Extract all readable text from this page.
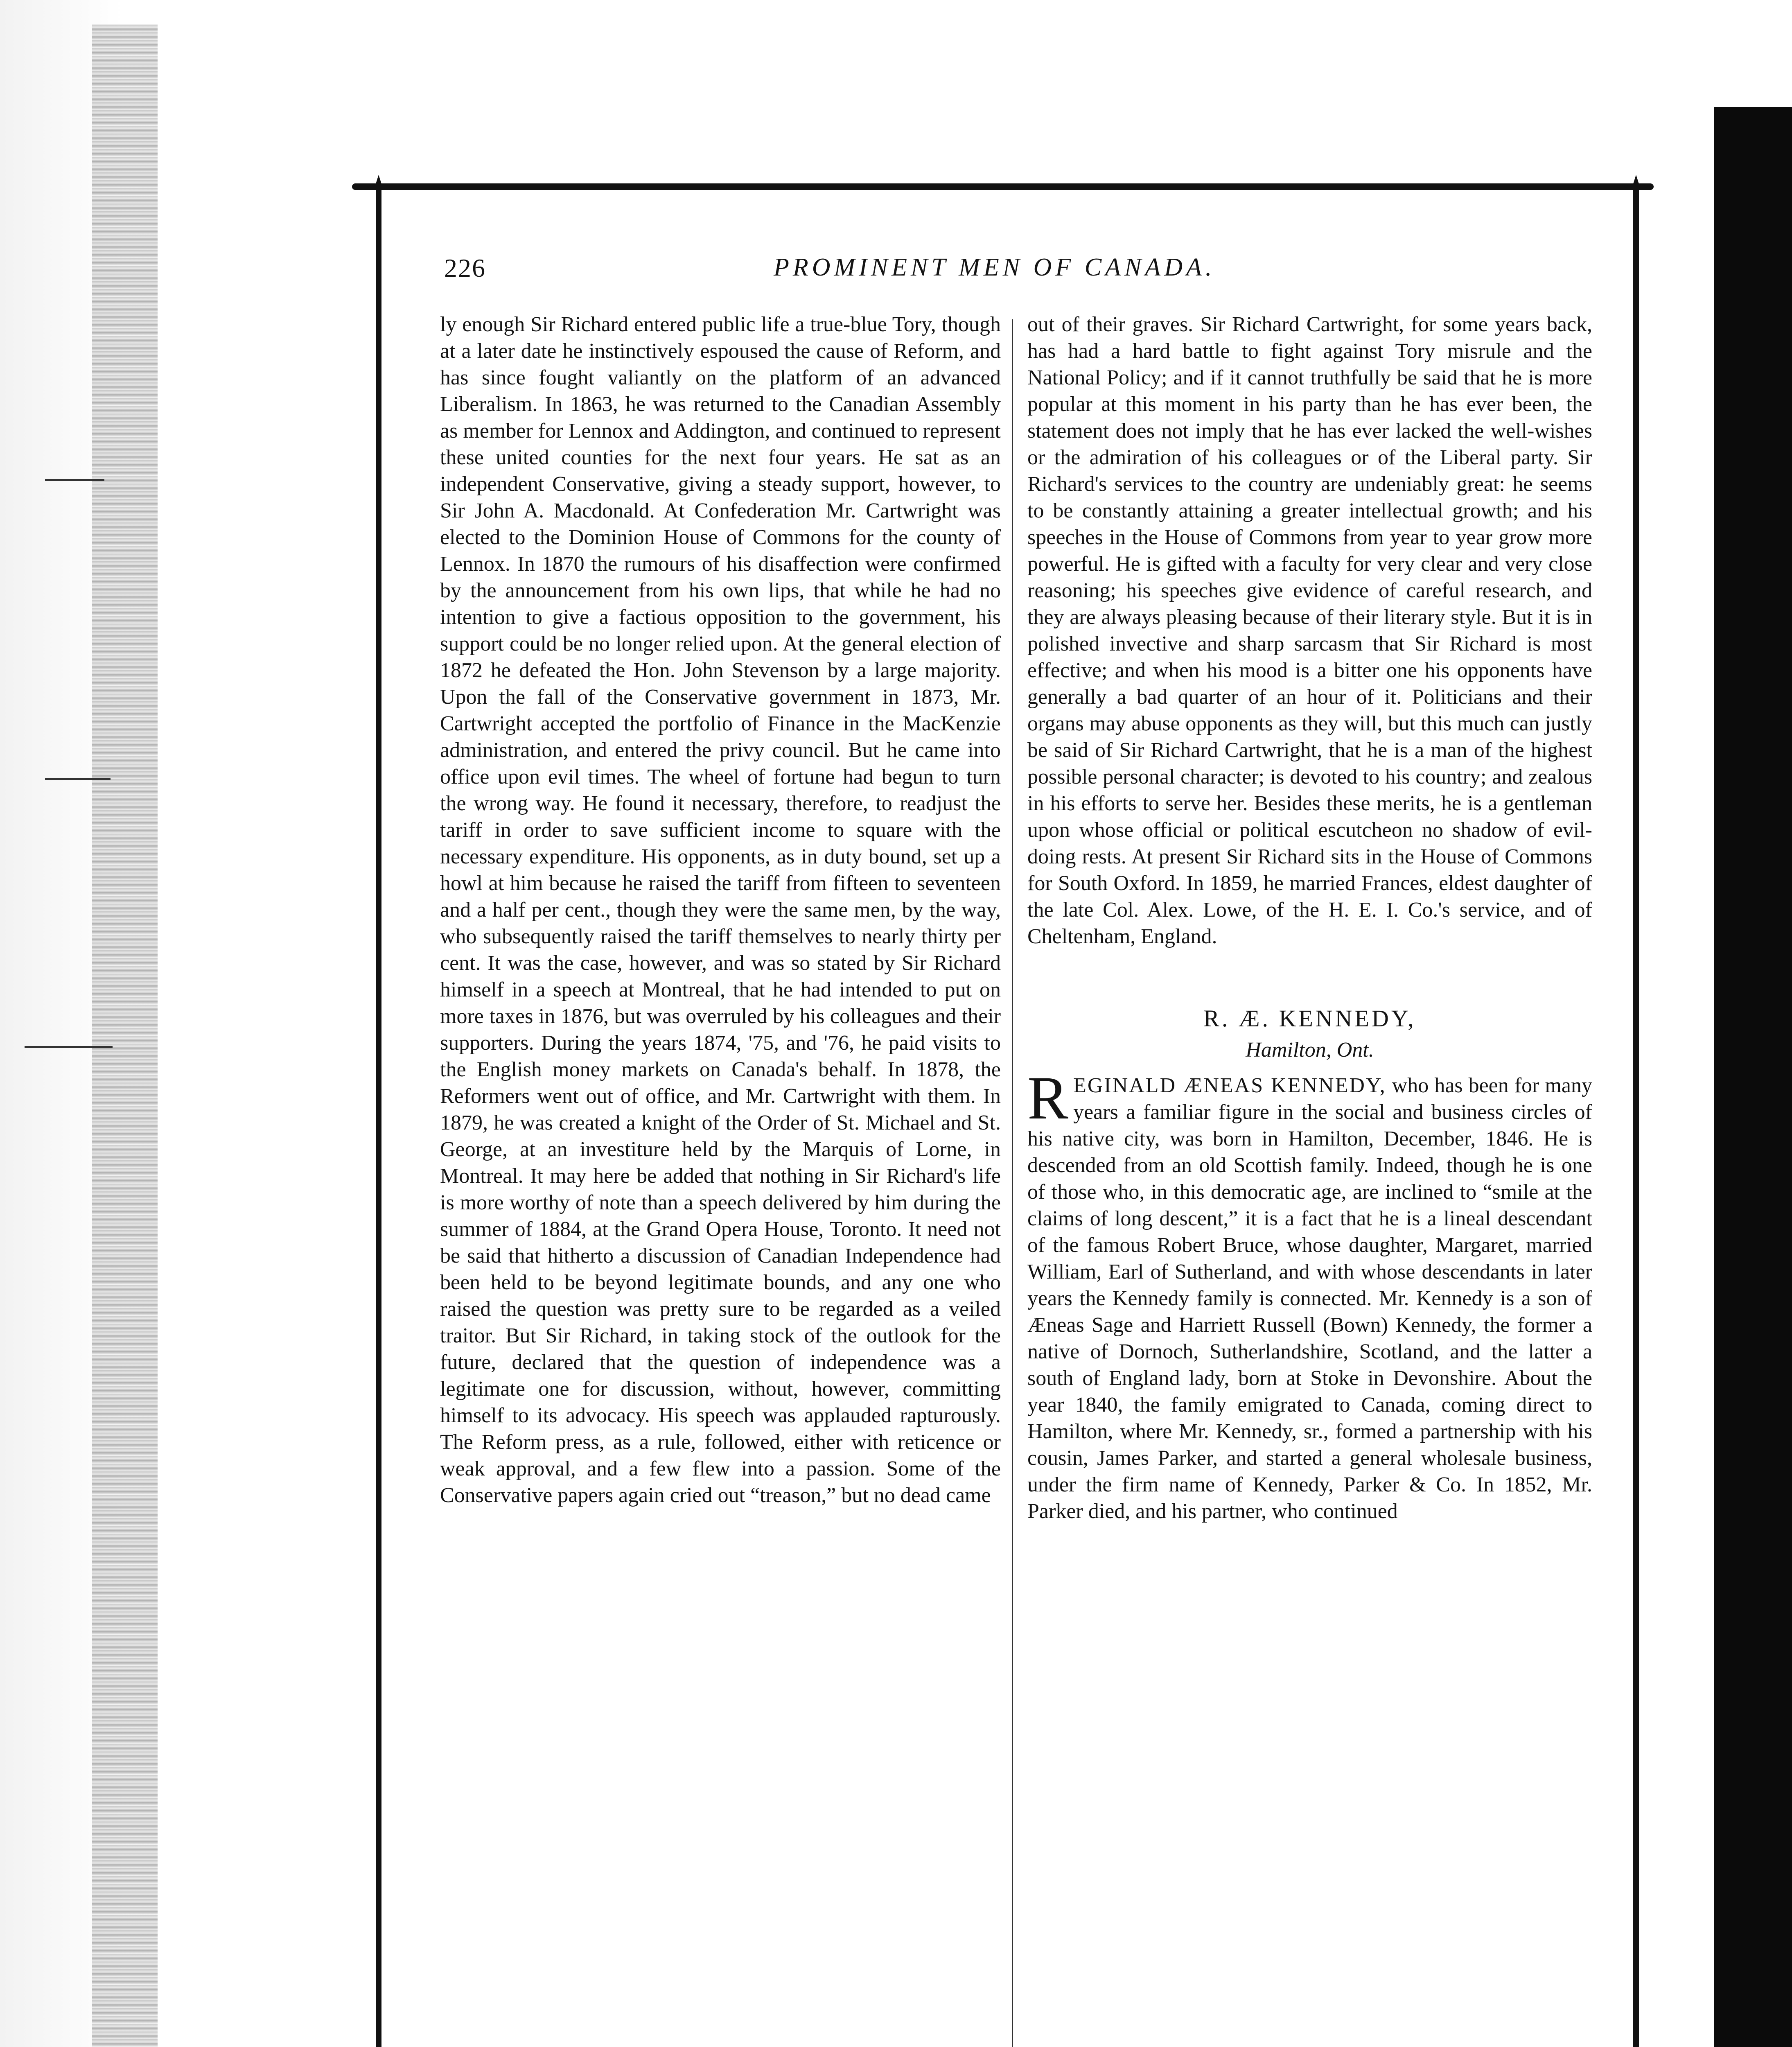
226	PROMINENT MEN OF CANADA.

ly enough Sir Richard entered public life a true-blue Tory, though at a later date he instinctively espoused the cause of Reform, and has since fought valiantly on the platform of an advanced Liberalism. In 1863, he was returned to the Canadian Assembly as member for Lennox and Addington, and continued to represent these united counties for the next four years. He sat as an independent Conservative, giving a steady support, however, to Sir John A. Macdonald. At Confederation Mr. Cartwright was elected to the Dominion House of Commons for the county of Lennox. In 1870 the rumours of his disaffection were confirmed by the announcement from his own lips, that while he had no intention to give a factious opposition to the government, his support could be no longer relied upon. At the general election of 1872 he defeated the Hon. John Stevenson by a large majority. Upon the fall of the Conservative government in 1873, Mr. Cartwright accepted the portfolio of Finance in the MacKenzie administration, and entered the privy council. But he came into office upon evil times. The wheel of fortune had begun to turn the wrong way. He found it necessary, therefore, to readjust the tariff in order to save sufficient income to square with the necessary expenditure. His opponents, as in duty bound, set up a howl at him because he raised the tariff from fifteen to seventeen and a half per cent., though they were the same men, by the way, who subsequently raised the tariff themselves to nearly thirty per cent. It was the case, however, and was so stated by Sir Richard himself in a speech at Montreal, that he had intended to put on more taxes in 1876, but was overruled by his colleagues and their supporters. During the years 1874, '75, and '76, he paid visits to the English money markets on Canada's behalf. In 1878, the Reformers went out of office, and Mr. Cartwright with them. In 1879, he was created a knight of the Order of St. Michael and St. George, at an investiture held by the Marquis of Lorne, in Montreal. It may here be added that nothing in Sir Richard's life is more worthy of note than a speech delivered by him during the summer of 1884, at the Grand Opera House, Toronto. It need not be said that hitherto a discussion of Canadian Independence had been held to be beyond legitimate bounds, and any one who raised the question was pretty sure to be regarded as a veiled traitor. But Sir Richard, in taking stock of the outlook for the future, declared that the question of independence was a legitimate one for discussion, without, however, committing himself to its advocacy. His speech was applauded rapturously. The Reform press, as a rule, followed, either with reticence or weak approval, and a few flew into a passion. Some of the Conservative papers again cried out “treason,” but no dead came

out of their graves. Sir Richard Cartwright, for some years back, has had a hard battle to fight against Tory misrule and the National Policy; and if it cannot truthfully be said that he is more popular at this moment in his party than he has ever been, the statement does not imply that he has ever lacked the well-wishes or the admiration of his colleagues or of the Liberal party. Sir Richard's services to the country are undeniably great: he seems to be constantly attaining a greater intellectual growth; and his speeches in the House of Commons from year to year grow more powerful. He is gifted with a faculty for very clear and very close reasoning; his speeches give evidence of careful research, and they are always pleasing because of their literary style. But it is in polished invective and sharp sarcasm that Sir Richard is most effective; and when his mood is a bitter one his opponents have generally a bad quarter of an hour of it. Politicians and their organs may abuse opponents as they will, but this much can justly be said of Sir Richard Cartwright, that he is a man of the highest possible personal character; is devoted to his country; and zealous in his efforts to serve her. Besides these merits, he is a gentleman upon whose official or political escutcheon no shadow of evil-doing rests. At present Sir Richard sits in the House of Commons for South Oxford. In 1859, he married Frances, eldest daughter of the late Col. Alex. Lowe, of the H. E. I. Co.'s service, and of Cheltenham, England.

R. Æ. KENNEDY,
Hamilton, Ont.

REGINALD ÆNEAS KENNEDY, who has been for many years a familiar figure in the social and business circles of his native city, was born in Hamilton, December, 1846. He is descended from an old Scottish family. Indeed, though he is one of those who, in this democratic age, are inclined to “smile at the claims of long descent,” it is a fact that he is a lineal descendant of the famous Robert Bruce, whose daughter, Margaret, married William, Earl of Sutherland, and with whose descendants in later years the Kennedy family is connected. Mr. Kennedy is a son of Æneas Sage and Harriett Russell (Bown) Kennedy, the former a native of Dornoch, Sutherlandshire, Scotland, and the latter a south of England lady, born at Stoke in Devonshire. About the year 1840, the family emigrated to Canada, coming direct to Hamilton, where Mr. Kennedy, sr., formed a partnership with his cousin, James Parker, and started a general wholesale business, under the firm name of Kennedy, Parker & Co. In 1852, Mr. Parker died, and his partner, who continued
